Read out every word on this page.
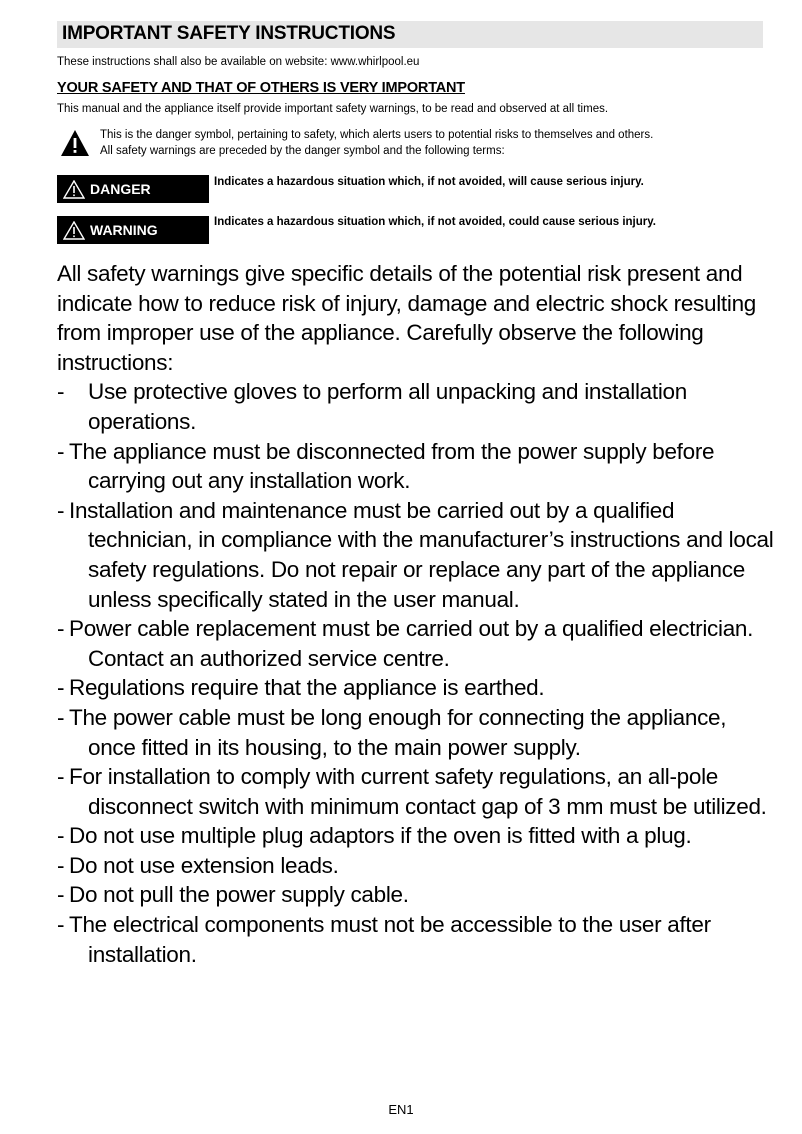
IMPORTANT SAFETY INSTRUCTIONS
These instructions shall also be available on website: www.whirlpool.eu
YOUR SAFETY AND THAT OF OTHERS IS VERY IMPORTANT
This manual and the appliance itself provide important safety warnings, to be read and observed at all times.
This is the danger symbol, pertaining to safety, which alerts users to potential risks to themselves and others.
All safety warnings are preceded by the danger symbol and the following terms:
DANGER	Indicates a hazardous situation which, if not avoided, will cause serious injury.
WARNING	Indicates a hazardous situation which, if not avoided, could cause serious injury.

All safety warnings give specific details of the potential risk present and indicate how to reduce risk of injury, damage and electric shock resulting from improper use of the appliance. Carefully observe the following instructions:

- Use protective gloves to perform all unpacking and installation operations.
- The appliance must be disconnected from the power supply before carrying out any installation work.
- Installation and maintenance must be carried out by a qualified technician, in compliance with the manufacturer’s instructions and local safety regulations. Do not repair or replace any part of the appliance unless specifically stated in the user manual.
- Power cable replacement must be carried out by a qualified electrician. Contact an authorized service centre.
- Regulations require that the appliance is earthed.
- The power cable must be long enough for connecting the appliance, once fitted in its housing, to the main power supply.
- For installation to comply with current safety regulations, an all-pole disconnect switch with minimum contact gap of 3 mm must be utilized.
- Do not use multiple plug adaptors if the oven is fitted with a plug.
- Do not use extension leads.
- Do not pull the power supply cable.
- The electrical components must not be accessible to the user after installation.
EN1
